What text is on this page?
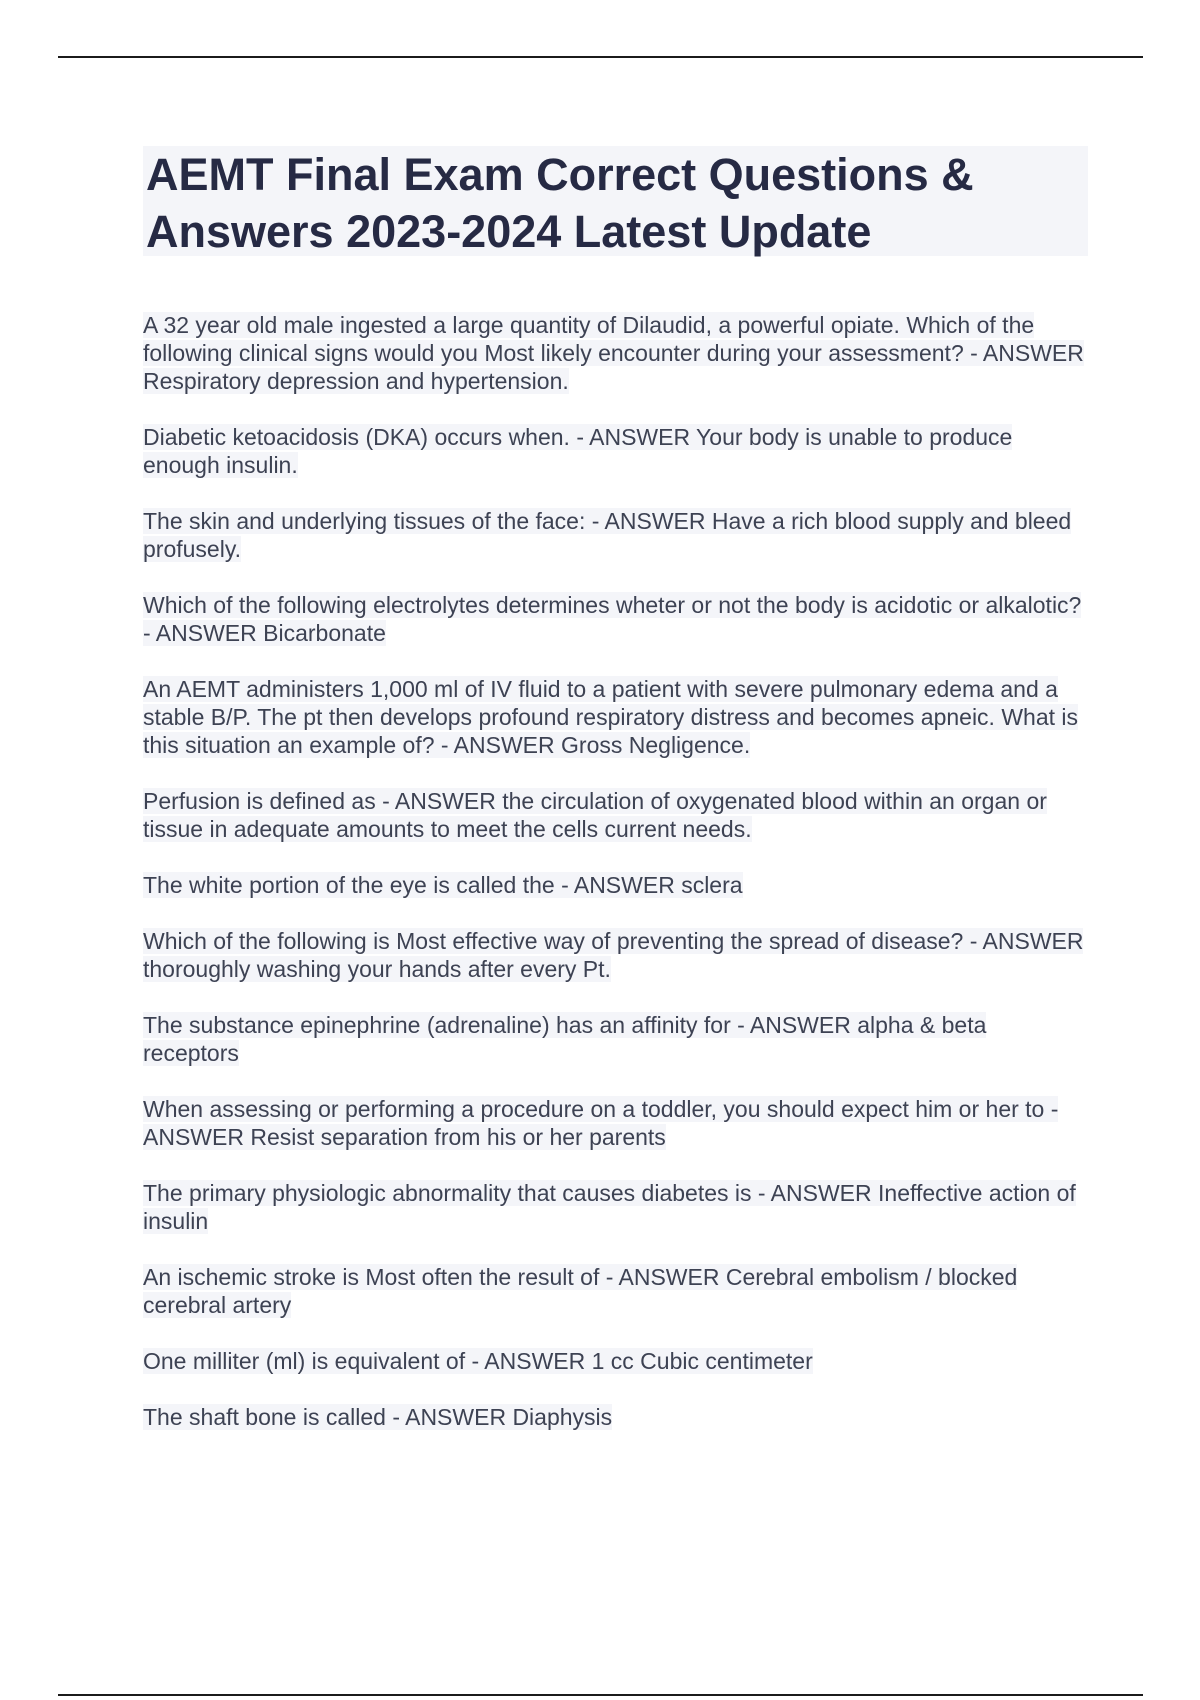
AEMT Final Exam Correct Questions & Answers 2023-2024 Latest Update

A 32 year old male ingested a large quantity of Dilaudid, a powerful opiate. Which of the following clinical signs would you Most likely encounter during your assessment? - ANSWER Respiratory depression and hypertension.

Diabetic ketoacidosis (DKA) occurs when. - ANSWER Your body is unable to produce enough insulin.

The skin and underlying tissues of the face: - ANSWER Have a rich blood supply and bleed profusely.

Which of the following electrolytes determines wheter or not the body is acidotic or alkalotic? - ANSWER Bicarbonate

An AEMT administers 1,000 ml of IV fluid to a patient with severe pulmonary edema and a stable B/P. The pt then develops profound respiratory distress and becomes apneic. What is this situation an example of? - ANSWER Gross Negligence.

Perfusion is defined as - ANSWER the circulation of oxygenated blood within an organ or tissue in adequate amounts to meet the cells current needs.

The white portion of the eye is called the - ANSWER sclera

Which of the following is Most effective way of preventing the spread of disease? - ANSWER thoroughly washing your hands after every Pt.

The substance epinephrine (adrenaline) has an affinity for - ANSWER alpha & beta receptors

When assessing or performing a procedure on a toddler, you should expect him or her to - ANSWER Resist separation from his or her parents

The primary physiologic abnormality that causes diabetes is - ANSWER Ineffective action of insulin

An ischemic stroke is Most often the result of - ANSWER Cerebral embolism / blocked cerebral artery

One milliter (ml) is equivalent of - ANSWER 1 cc Cubic centimeter

The shaft bone is called - ANSWER Diaphysis
